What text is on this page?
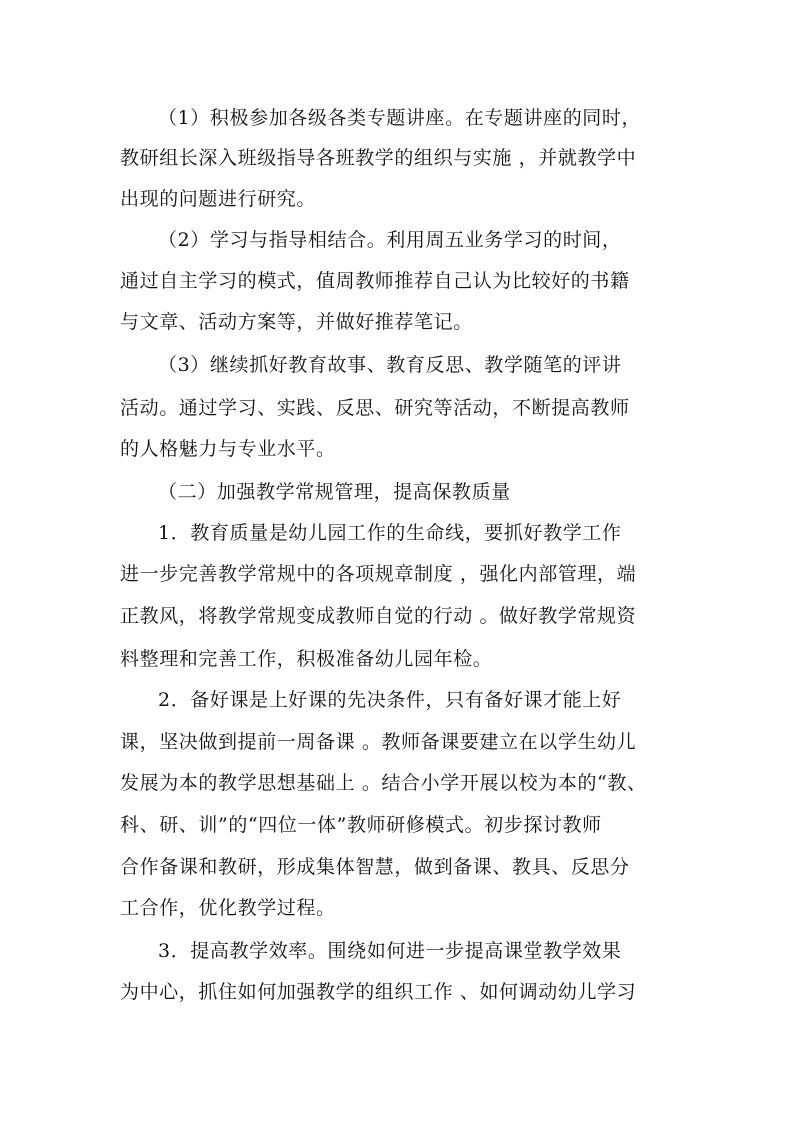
（1）积极参加各级各类专题讲座。在专题讲座的同时，
教研组长深入班级指导各班教学的组织与实施 ，并就教学中
出现的问题进行研究。
（2）学习与指导相结合。利用周五业务学习的时间，
通过自主学习的模式，值周教师推荐自己认为比较好的书籍
与文章、活动方案等，并做好推荐笔记。
（3）继续抓好教育故事、教育反思、教学随笔的评讲
活动。通过学习、实践、反思、研究等活动，不断提高教师
的人格魅力与专业水平。
（二）加强教学常规管理，提高保教质量
1．教育质量是幼儿园工作的生命线，要抓好教学工作
进一步完善教学常规中的各项规章制度 ，强化内部管理，端
正教风，将教学常规变成教师自觉的行动 。做好教学常规资
料整理和完善工作，积极准备幼儿园年检。
2．备好课是上好课的先决条件，只有备好课才能上好
课，坚决做到提前一周备课 。教师备课要建立在以学生幼儿
发展为本的教学思想基础上 。结合小学开展以校为本的“教、
科、研、训”的“四位一体”教师研修模式。初步探讨教师
合作备课和教研，形成集体智慧，做到备课、教具、反思分
工合作，优化教学过程。
3．提高教学效率。围绕如何进一步提高课堂教学效果
为中心，抓住如何加强教学的组织工作 、如何调动幼儿学习
